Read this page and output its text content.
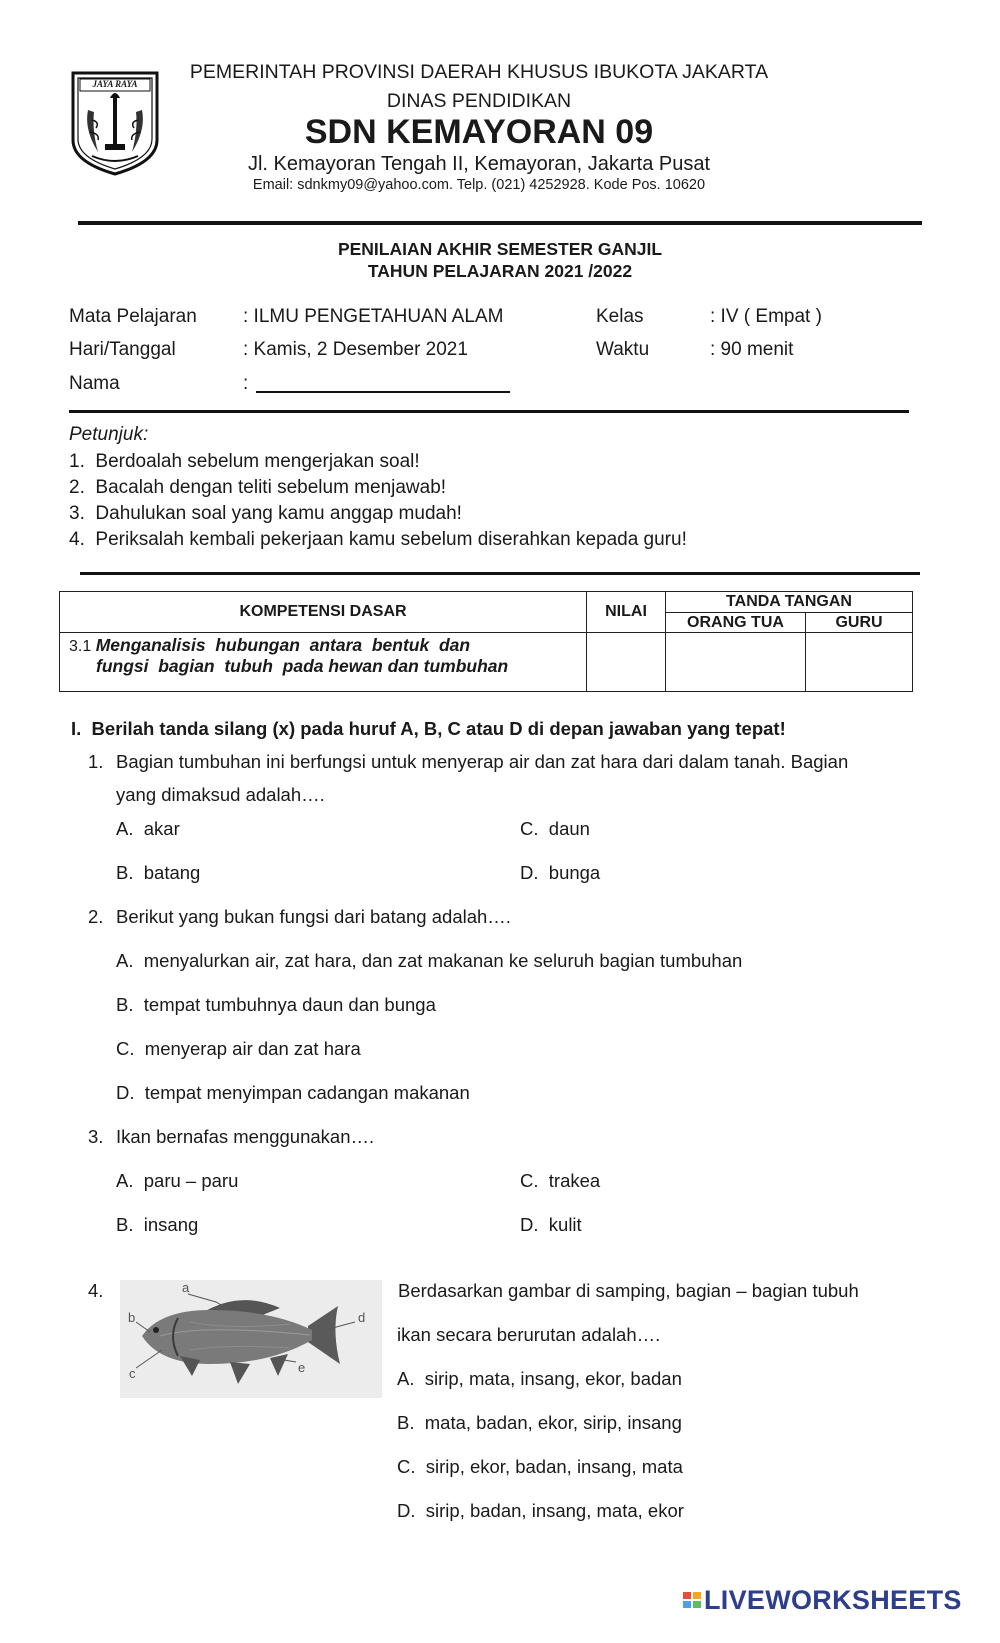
JAYA RAYA
PEMERINTAH PROVINSI DAERAH KHUSUS IBUKOTA JAKARTA
DINAS PENDIDIKAN
SDN KEMAYORAN 09
Jl. Kemayoran Tengah II, Kemayoran, Jakarta Pusat
Email: sdnkmy09@yahoo.com. Telp. (021) 4252928. Kode Pos. 10620
PENILAIAN AKHIR SEMESTER GANJIL
TAHUN PELAJARAN 2021 /2022
Mata Pelajaran : ILMU PENGETAHUAN ALAM	Kelas	: IV ( Empat )
Hari/Tanggal	: Kamis, 2 Desember 2021	Waktu	: 90 menit
Nama	:
Petunjuk:
1.  Berdoalah sebelum mengerjakan soal!
2.  Bacalah dengan teliti sebelum menjawab!
3.  Dahulukan soal yang kamu anggap mudah!
4.  Periksalah kembali pekerjaan kamu sebelum diserahkan kepada guru!
KOMPETENSI DASAR	NILAI	TANDA TANGAN	
		ORANG TUA	GURU
3.1 Menganalisis  hubungan  antara  bentuk  dan
fungsi  bagian  tubuh  pada hewan dan tumbuhan			
I.  Berilah tanda silang (x) pada huruf A, B, C atau D di depan jawaban yang tepat!
1. Bagian tumbuhan ini berfungsi untuk menyerap air dan zat hara dari dalam tanah. Bagian
yang dimaksud adalah….
A.  akar	C.  daun
B.  batang	D.  bunga
2. Berikut yang bukan fungsi dari batang adalah….
A.  menyalurkan air, zat hara, dan zat makanan ke seluruh bagian tumbuhan
B.  tempat tumbuhnya daun dan bunga
C.  menyerap air dan zat hara
D.  tempat menyimpan cadangan makanan
3. Ikan bernafas menggunakan….
A.  paru – paru	C.  trakea
B.  insang	D.  kulit
4.	a
b
c
d
e
Berdasarkan gambar di samping, bagian – bagian tubuh
ikan secara berurutan adalah….
A.  sirip, mata, insang, ekor, badan
B.  mata, badan, ekor, sirip, insang
C.  sirip, ekor, badan, insang, mata
D.  sirip, badan, insang, mata, ekor
LIVEWORKSHEETS
